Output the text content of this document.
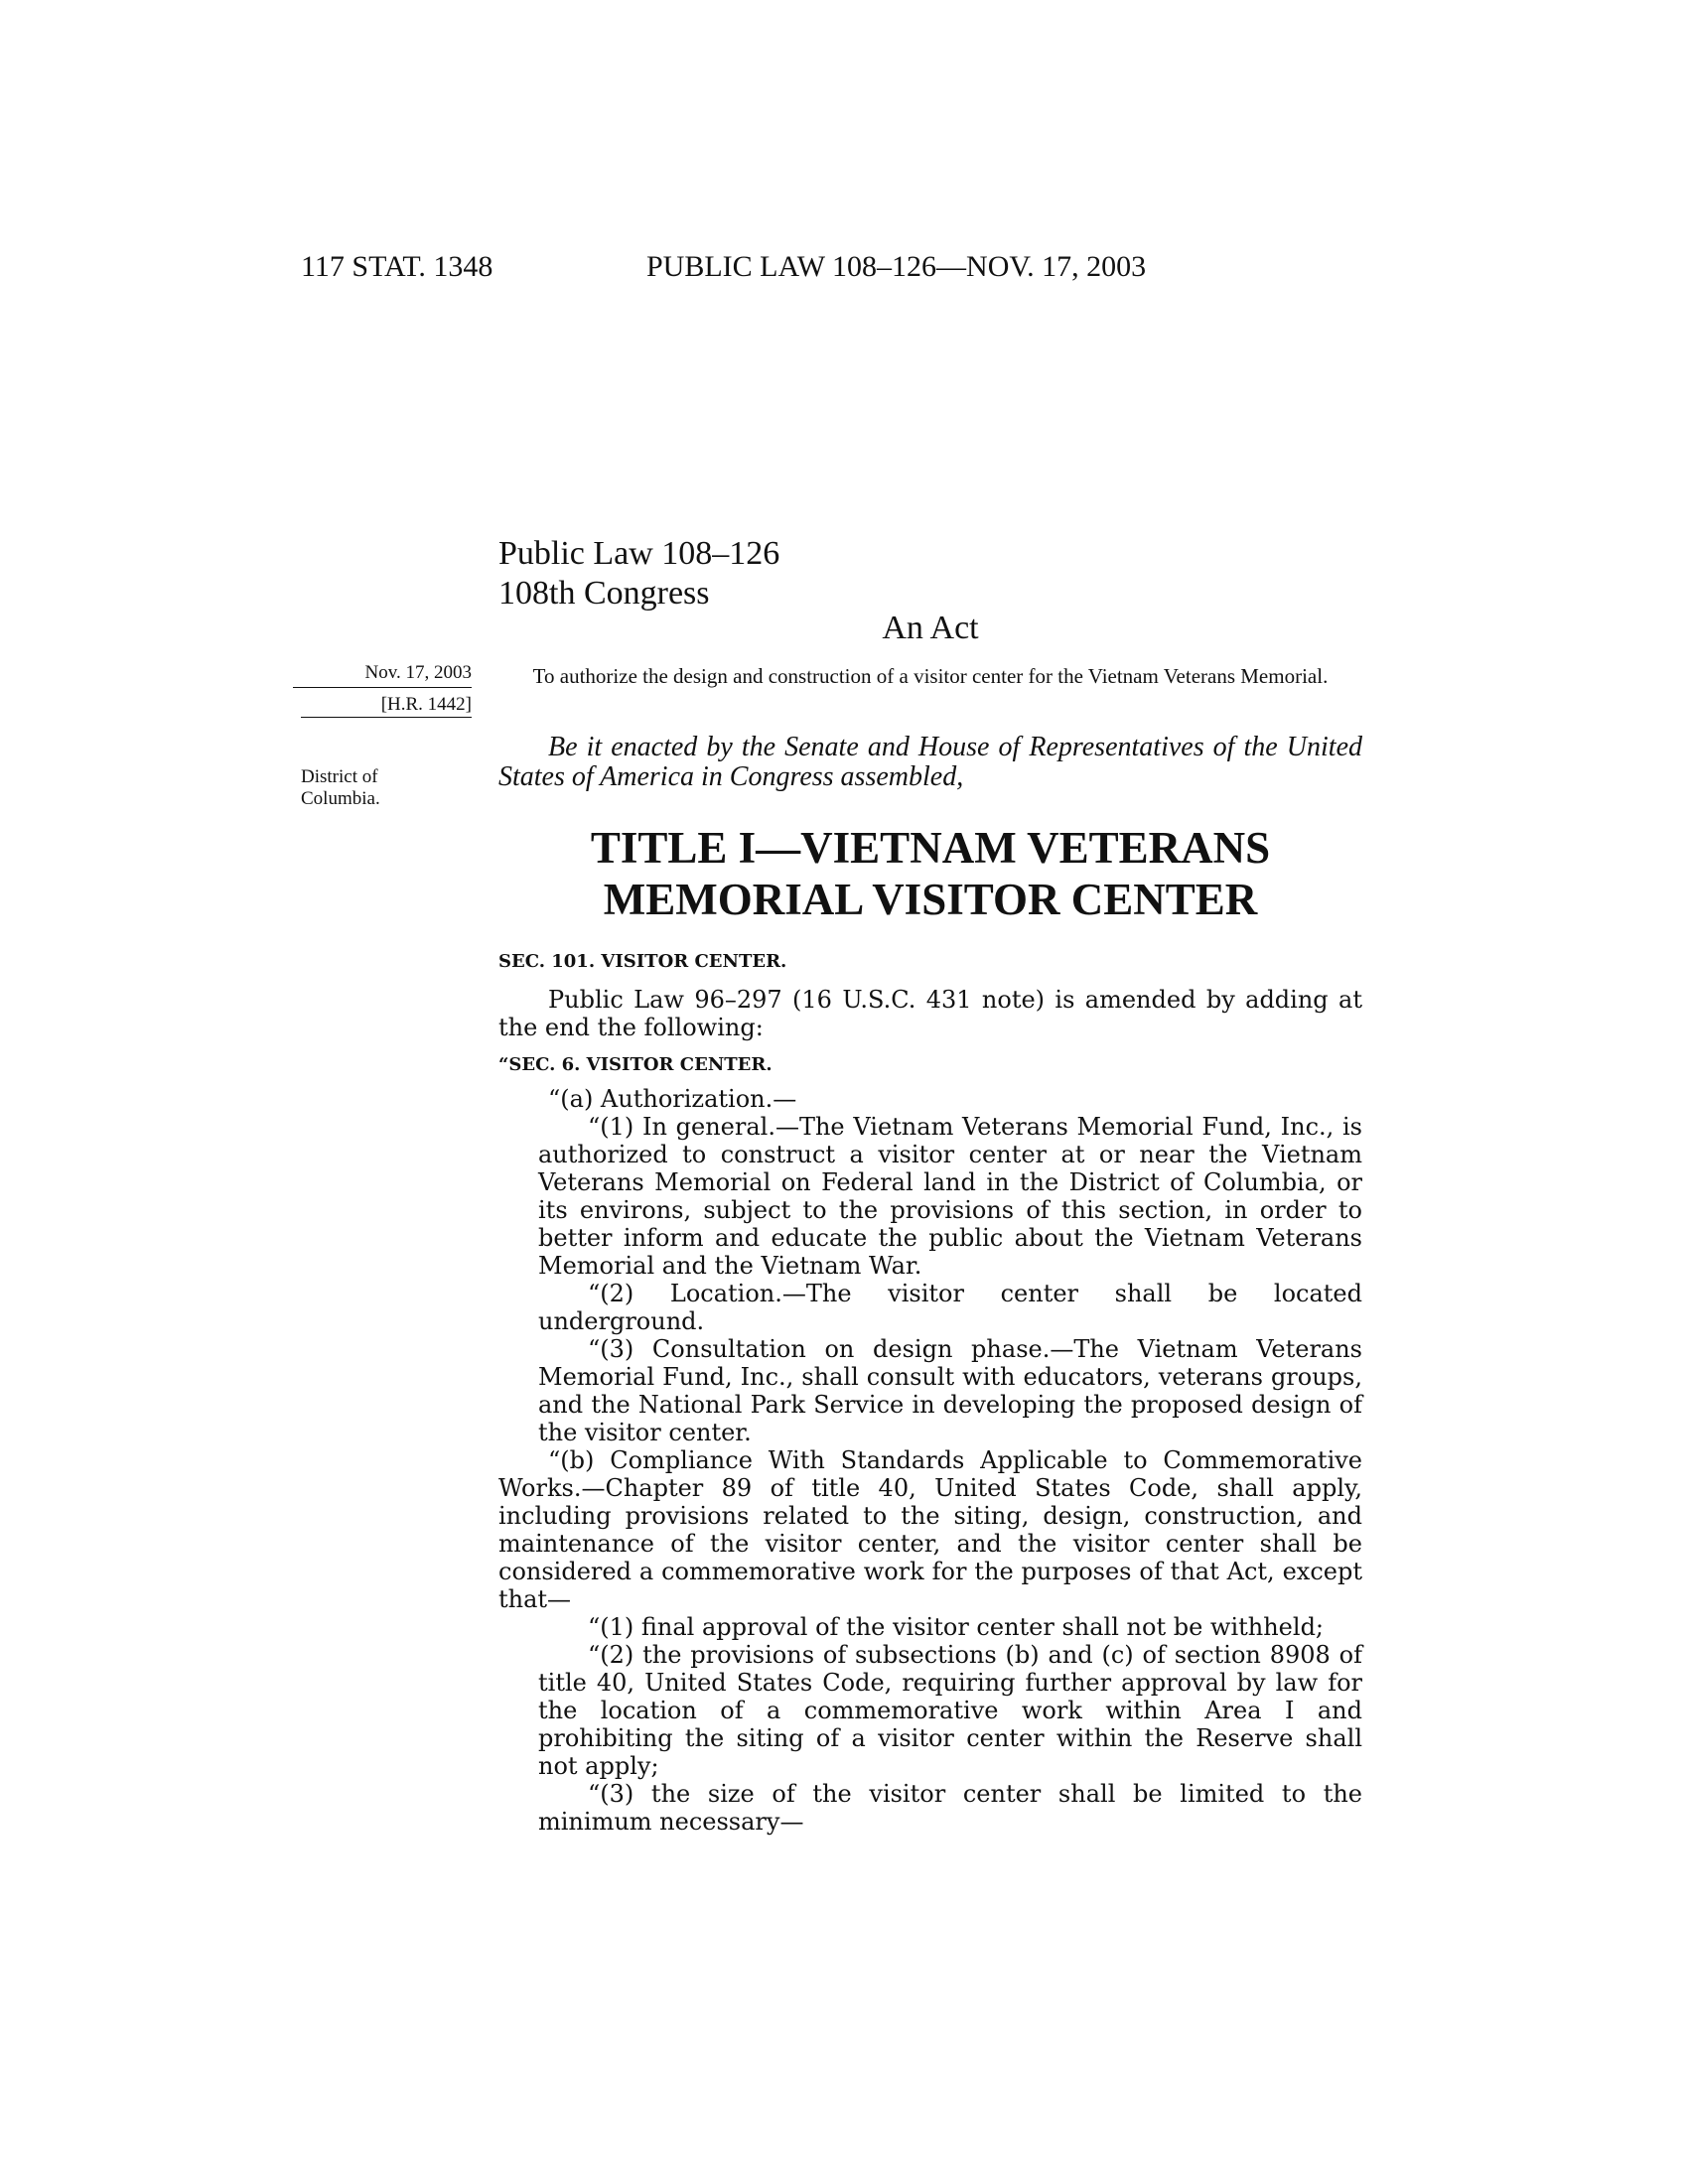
117 STAT. 1348	PUBLIC LAW 108–126—NOV. 17, 2003
Public Law 108–126
108th Congress
An Act
Nov. 17, 2003
[H.R. 1442]
District of
Columbia.
To authorize the design and construction of a visitor center for the Vietnam Veterans Memorial.
Be it enacted by the Senate and House of Representatives of the United States of America in Congress assembled,
TITLE I—VIETNAM VETERANS
MEMORIAL VISITOR CENTER

SEC. 101. VISITOR CENTER.

Public Law 96–297 (16 U.S.C. 431 note) is amended by adding at the end the following:

“SEC. 6. VISITOR CENTER.

“(a) Authorization.—

“(1) In general.—The Vietnam Veterans Memorial Fund, Inc., is authorized to construct a visitor center at or near the Vietnam Veterans Memorial on Federal land in the District of Columbia, or its environs, subject to the provisions of this section, in order to better inform and educate the public about the Vietnam Veterans Memorial and the Vietnam War.

“(2) Location.—The visitor center shall be located underground.

“(3) Consultation on design phase.—The Vietnam Veterans Memorial Fund, Inc., shall consult with educators, veterans groups, and the National Park Service in developing the proposed design of the visitor center.

“(b) Compliance With Standards Applicable to Commemorative Works.—Chapter 89 of title 40, United States Code, shall apply, including provisions related to the siting, design, construction, and maintenance of the visitor center, and the visitor center shall be considered a commemorative work for the purposes of that Act, except that—

“(1) final approval of the visitor center shall not be withheld;

“(2) the provisions of subsections (b) and (c) of section 8908 of title 40, United States Code, requiring further approval by law for the location of a commemorative work within Area I and prohibiting the siting of a visitor center within the Reserve shall not apply;

“(3) the size of the visitor center shall be limited to the minimum necessary—
